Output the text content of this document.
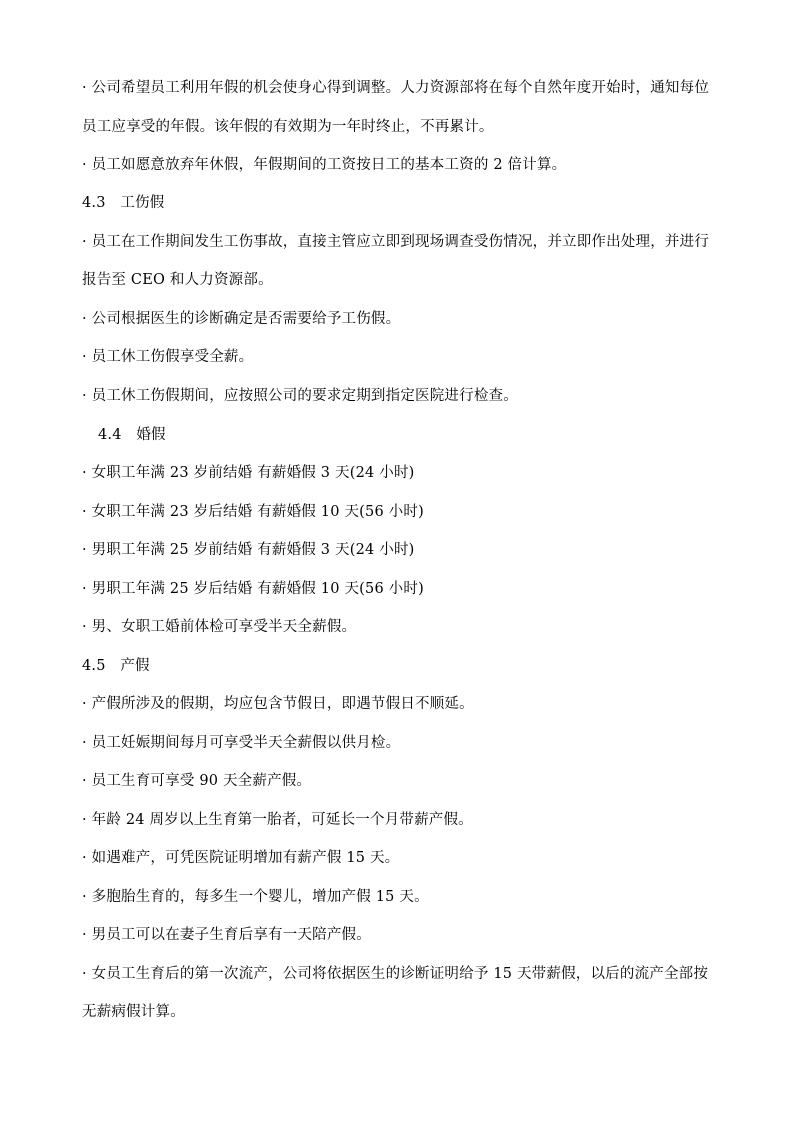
· 公司希望员工利用年假的机会使身心得到调整。人力资源部将在每个自然年度开始时，通知每位
员工应享受的年假。该年假的有效期为一年时终止，不再累计。
· 员工如愿意放弃年休假，年假期间的工资按日工的基本工资的 2 倍计算。
4.3　工伤假
· 员工在工作期间发生工伤事故，直接主管应立即到现场调查受伤情况，并立即作出处理，并进行
报告至 CEO 和人力资源部。
· 公司根据医生的诊断确定是否需要给予工伤假。
· 员工休工伤假享受全薪。
· 员工休工伤假期间，应按照公司的要求定期到指定医院进行检查。
4.4　婚假
· 女职工年满 23 岁前结婚 有薪婚假 3 天(24 小时)
· 女职工年满 23 岁后结婚 有薪婚假 10 天(56 小时)
· 男职工年满 25 岁前结婚 有薪婚假 3 天(24 小时)
· 男职工年满 25 岁后结婚 有薪婚假 10 天(56 小时)
· 男、女职工婚前体检可享受半天全薪假。
4.5　产假
· 产假所涉及的假期，均应包含节假日，即遇节假日不顺延。
· 员工妊娠期间每月可享受半天全薪假以供月检。
· 员工生育可享受 90 天全薪产假。
· 年龄 24 周岁以上生育第一胎者，可延长一个月带薪产假。
· 如遇难产，可凭医院证明增加有薪产假 15 天。
· 多胞胎生育的，每多生一个婴儿，增加产假 15 天。
· 男员工可以在妻子生育后享有一天陪产假。
· 女员工生育后的第一次流产，公司将依据医生的诊断证明给予 15 天带薪假，以后的流产全部按
无薪病假计算。
